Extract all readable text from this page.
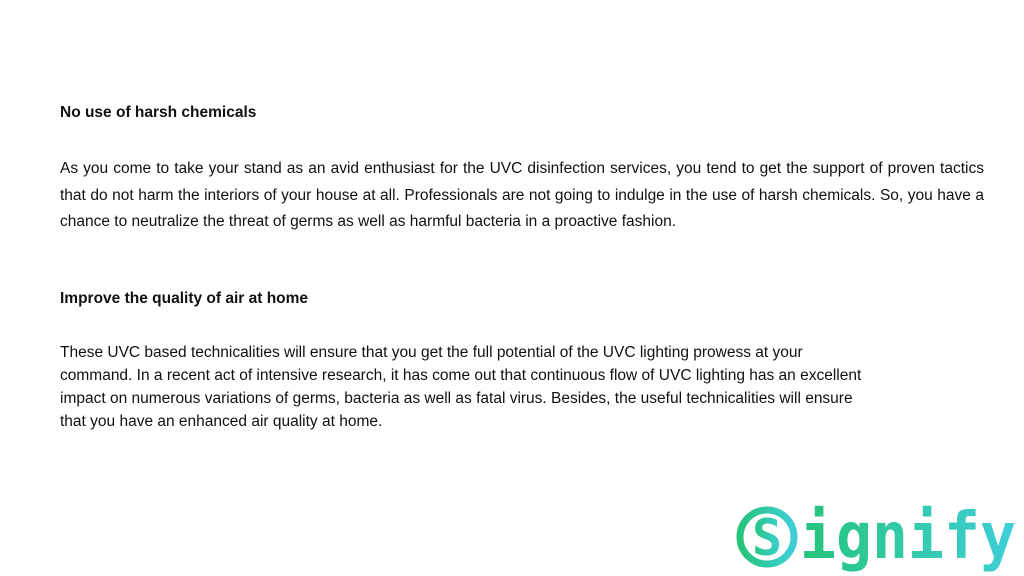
No use of harsh chemicals

As you come to take your stand as an avid enthusiast for the UVC disinfection services, you tend to get the support of proven tactics that do not harm the interiors of your house at all. Professionals are not going to indulge in the use of harsh chemicals. So, you have a chance to neutralize the threat of germs as well as harmful bacteria in a proactive fashion.

Improve the quality of air at home
These UVC based technicalities will ensure that you get the full potential of the UVC lighting prowess at your
command. In a recent act of intensive research, it has come out that continuous flow of UVC lighting has an excellent
impact on numerous variations of germs, bacteria as well as fatal virus. Besides, the useful technicalities will ensure
that you have an enhanced air quality at home.
S ignify
